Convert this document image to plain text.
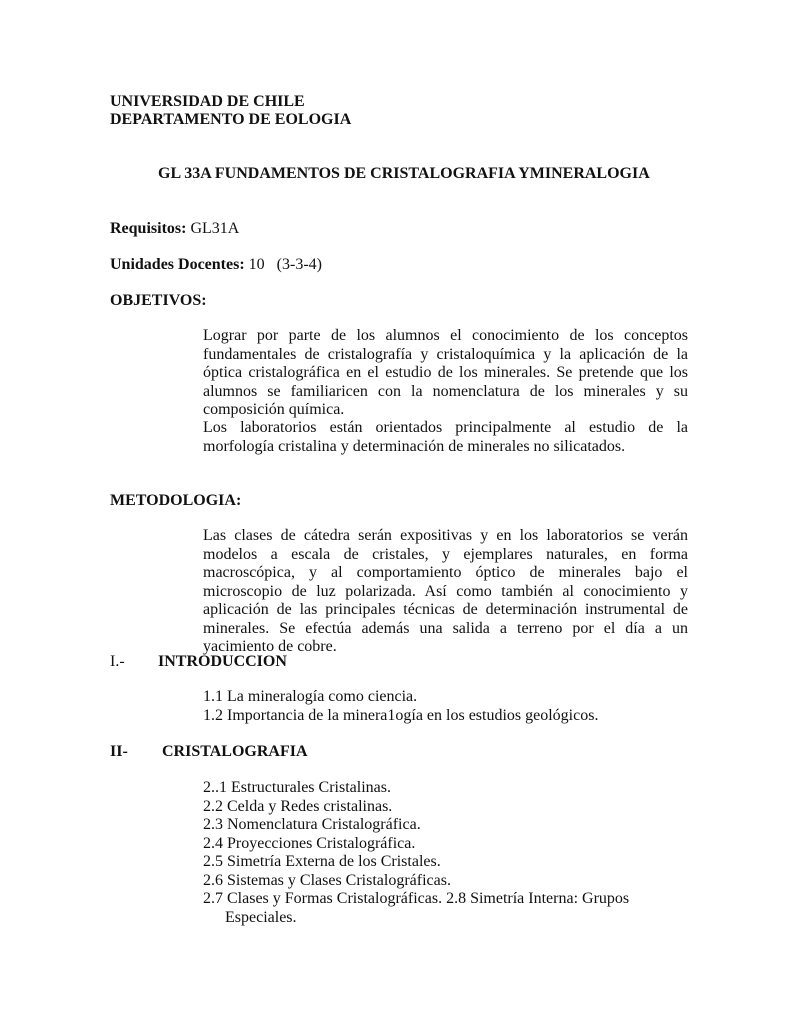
UNIVERSIDAD DE CHILE
DEPARTAMENTO DE EOLOGIA
GL 33A FUNDAMENTOS DE CRISTALOGRAFIA YMINERALOGIA
Requisitos: GL31A
Unidades Docentes: 10   (3-3-4)
OBJETIVOS:
Lograr por parte de los alumnos el conocimiento de los conceptos fundamentales de cristalografía y cristaloquímica y la aplicación de la óptica cristalográfica en el estudio de los minerales. Se pretende que los alumnos se familiaricen con la nomenclatura de los minerales y su composición química.
Los laboratorios están orientados principalmente al estudio de la morfología cristalina y determinación de minerales no silicatados.
METODOLOGIA:
Las clases de cátedra serán expositivas y en los laboratorios se verán modelos a escala de cristales, y ejemplares naturales, en forma macroscópica, y al comportamiento óptico de minerales bajo el microscopio de luz polarizada. Así como también al conocimiento y aplicación de las principales técnicas de determinación instrumental de minerales. Se efectúa además una salida a terreno por el día a un yacimiento de cobre.
I.- INTRODUCCION
1.1 La mineralogía como ciencia.
1.2 Importancia de la minera1ogía en los estudios geológicos.
II- CRISTALOGRAFIA
2..1 Estructurales Cristalinas.
2.2 Celda y Redes cristalinas.
2.3 Nomenclatura Cristalográfica.
2.4 Proyecciones Cristalográfica.
2.5 Simetría Externa de los Cristales.
2.6 Sistemas y Clases Cristalográficas.
2.7 Clases y Formas Cristalográficas. 2.8 Simetría Interna: Grupos Especiales.
